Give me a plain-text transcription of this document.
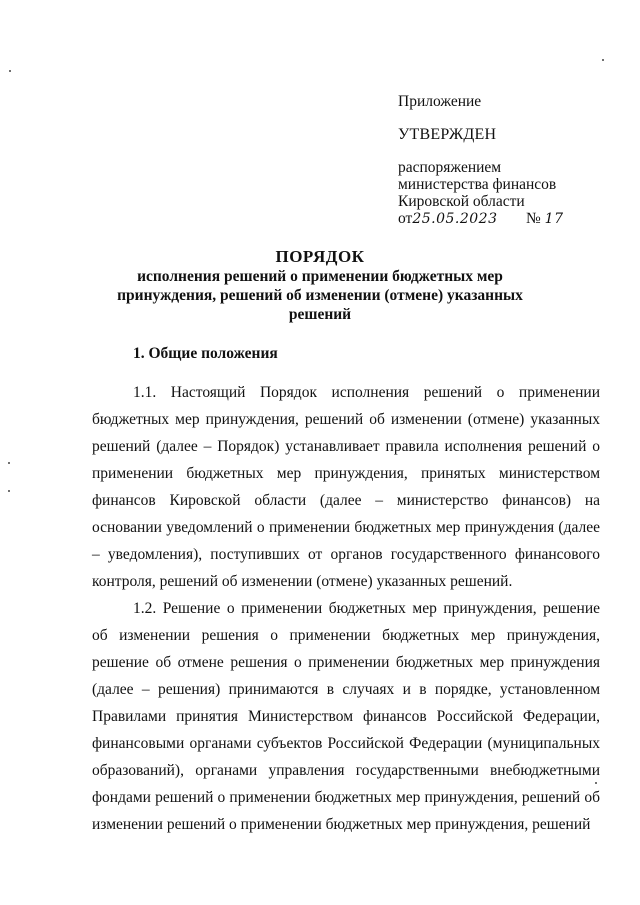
Приложение
УТВЕРЖДЕН
распоряжением
министерства финансов
Кировской области
от25.05.2023 № 17
ПОРЯДОК
исполнения решений о применении бюджетных мер принуждения, решений об изменении (отмене) указанных решений
1. Общие положения

1.1. Настоящий Порядок исполнения решений о применении бюджетных мер принуждения, решений об изменении (отмене) указанных решений (далее – Порядок) устанавливает правила исполнения решений о применении бюджетных мер принуждения, принятых министерством финансов Кировской области (далее – министерство финансов) на основании уведомлений о применении бюджетных мер принуждения (далее – уведомления), поступивших от органов государственного финансового контроля, решений об изменении (отмене) указанных решений.

1.2. Решение о применении бюджетных мер принуждения, решение об изменении решения о применении бюджетных мер принуждения, решение об отмене решения о применении бюджетных мер принуждения (далее – решения) принимаются в случаях и в порядке, установленном Правилами принятия Министерством финансов Российской Федерации, финансовыми органами субъектов Российской Федерации (муниципальных образований), органами управления государственными внебюджетными фондами решений о применении бюджетных мер принуждения, решений об изменении решений о применении бюджетных мер принуждения, решений
